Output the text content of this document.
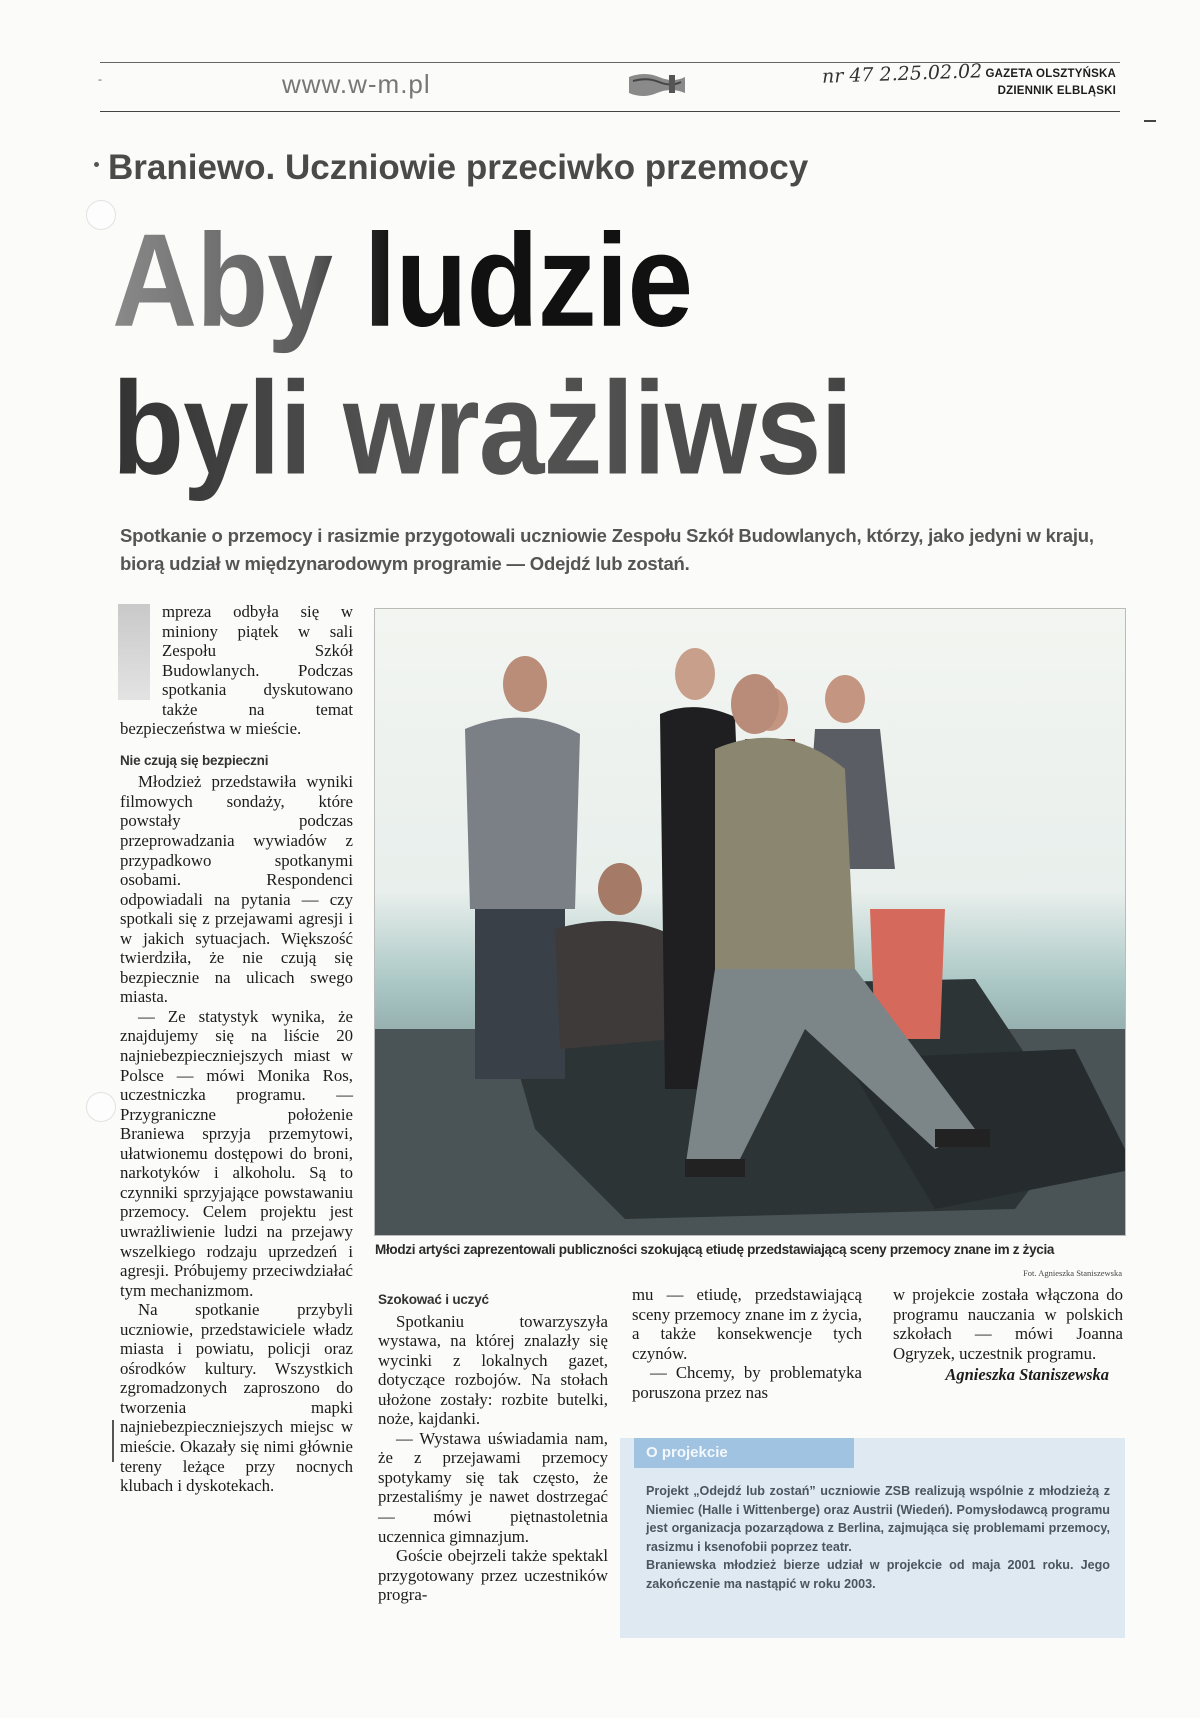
-	www.w-m.pl	nr 47 2.25.02.02 GAZETA OLSZTYŃSKA
DZIENNIK ELBLĄSKI
Braniewo. Uczniowie przeciwko przemocy
Aby ludzie
byli wrażliwsi

Spotkanie o przemocy i rasizmie przygotowali uczniowie Zespołu Szkół Budowlanych, którzy, jako jedyni w kraju, biorą udział w międzynarodowym programie — Odejdź lub zostań.

mpreza odbyła się w miniony piątek w sali Zespołu Szkół Budowlanych. Podczas spotkania dyskutowano także na temat bezpieczeństwa w mieście.

Nie czują się bezpieczni

Młodzież przedstawiła wyniki filmowych sondaży, które powstały podczas przeprowadzania wywiadów z przypadkowo spotkanymi osobami. Respondenci odpowiadali na pytania — czy spotkali się z przejawami agresji i w jakich sytuacjach. Większość twierdziła, że nie czują się bezpiecznie na ulicach swego miasta.

— Ze statystyk wynika, że znajdujemy się na liście 20 najniebezpieczniejszych miast w Polsce — mówi Monika Ros, uczestniczka programu. — Przygraniczne położenie Braniewa sprzyja przemytowi, ułatwionemu dostępowi do broni, narkotyków i alkoholu. Są to czynniki sprzyjające powstawaniu przemocy. Celem projektu jest uwrażliwienie ludzi na przejawy wszelkiego rodzaju uprzedzeń i agresji. Próbujemy przeciwdziałać tym mechanizmom.

Na spotkanie przybyli uczniowie, przedstawiciele władz miasta i powiatu, policji oraz ośrodków kultury. Wszystkich zgromadzonych zaproszono do tworzenia mapki najniebezpieczniejszych miejsc w mieście. Okazały się nimi głównie tereny leżące przy nocnych klubach i dyskotekach.

Młodzi artyści zaprezentowali publiczności szokującą etiudę przedstawiającą sceny przemocy znane im z życia
Fot. Agnieszka Staniszewska
Szokować i uczyć

Spotkaniu towarzyszyła wystawa, na której znalazły się wycinki z lokalnych gazet, dotyczące rozbojów. Na stołach ułożone zostały: rozbite butelki, noże, kajdanki.

— Wystawa uświadamia nam, że z przejawami przemocy spotykamy się tak często, że przestaliśmy je nawet dostrzegać — mówi piętnastoletnia uczennica gimnazjum.

Goście obejrzeli także spektakl przygotowany przez uczestników progra-

mu — etiudę, przedstawiającą sceny przemocy znane im z życia, a także konsekwencje tych czynów.

— Chcemy, by problematyka poruszona przez nas

w projekcie została włączona do programu nauczania w polskich szkołach — mówi Joanna Ogryzek, uczestnik programu.

Agnieszka Staniszewska
O projekcie

Projekt „Odejdź lub zostań” uczniowie ZSB realizują wspólnie z młodzieżą z Niemiec (Halle i Wittenberge) oraz Austrii (Wiedeń). Pomysłodawcą programu jest organizacja pozarządowa z Berlina, zajmująca się problemami przemocy, rasizmu i ksenofobii poprzez teatr.

Braniewska młodzież bierze udział w projekcie od maja 2001 roku. Jego zakończenie ma nastąpić w roku 2003.
